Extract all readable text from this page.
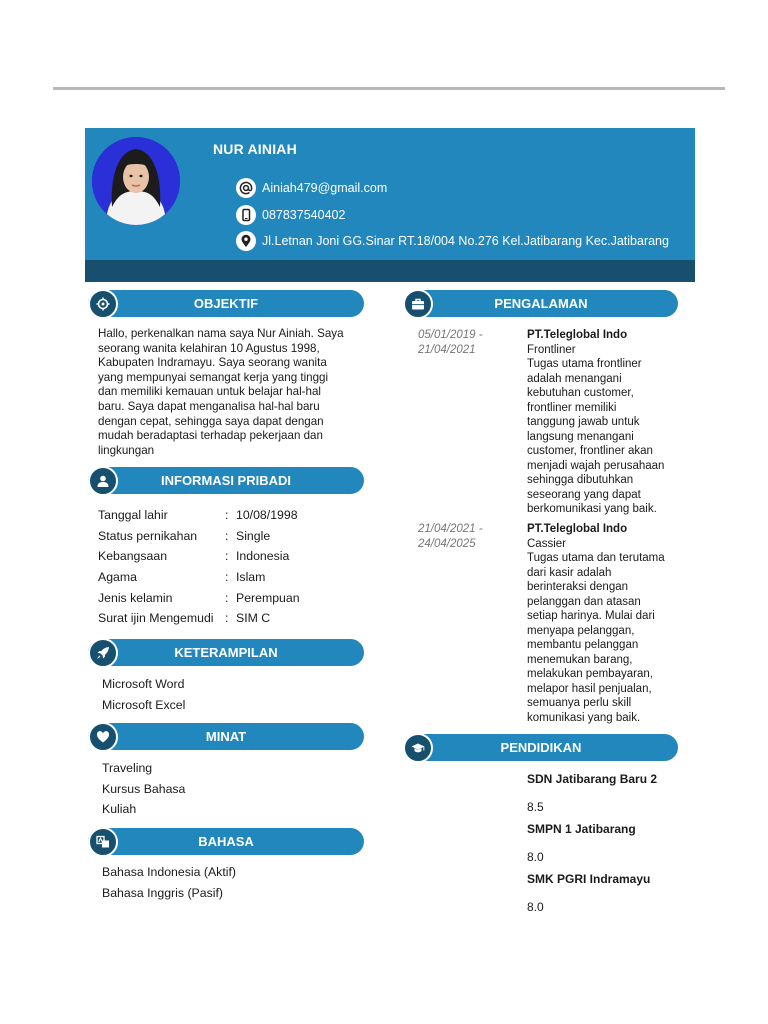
NUR AINIAH
Ainiah479@gmail.com
087837540402
Jl.Letnan Joni GG.Sinar RT.18/004 No.276 Kel.Jatibarang Kec.Jatibarang
OBJEKTIF
Hallo, perkenalkan nama saya Nur Ainiah. Saya
seorang wanita kelahiran 10 Agustus 1998,
Kabupaten Indramayu. Saya seorang wanita
yang mempunyai semangat kerja yang tinggi
dan memiliki kemauan untuk belajar hal-hal
baru. Saya dapat menganalisa hal-hal baru
dengan cepat, sehingga saya dapat dengan
mudah beradaptasi terhadap pekerjaan dan
lingkungan
INFORMASI PRIBADI
Tanggal lahir	: 10/08/1998
Status pernikahan	: Single
Kebangsaan	: Indonesia
Agama	: Islam
Jenis kelamin	: Perempuan
Surat ijin Mengemudi : SIM C
KETERAMPILAN
Microsoft Word
Microsoft Excel
MINAT
Traveling
Kursus Bahasa
Kuliah
BAHASA
Bahasa Indonesia (Aktif)
Bahasa Inggris (Pasif)
PENGALAMAN
05/01/2019 -
21/04/2021
PT.Teleglobal Indo
Frontliner
Tugas utama frontliner
adalah menangani
kebutuhan customer,
frontliner memiliki
tanggung jawab untuk
langsung menangani
customer, frontliner akan
menjadi wajah perusahaan
sehingga dibutuhkan
seseorang yang dapat
berkomunikasi yang baik.
21/04/2021 -
24/04/2025
PT.Teleglobal Indo
Cassier
Tugas utama dan terutama
dari kasir adalah
berinteraksi dengan
pelanggan dan atasan
setiap harinya. Mulai dari
menyapa pelanggan,
membantu pelanggan
menemukan barang,
melakukan pembayaran,
melapor hasil penjualan,
semuanya perlu skill
komunikasi yang baik.
PENDIDIKAN
SDN Jatibarang Baru 2
8.5
SMPN 1 Jatibarang
8.0
SMK PGRI Indramayu
8.0
